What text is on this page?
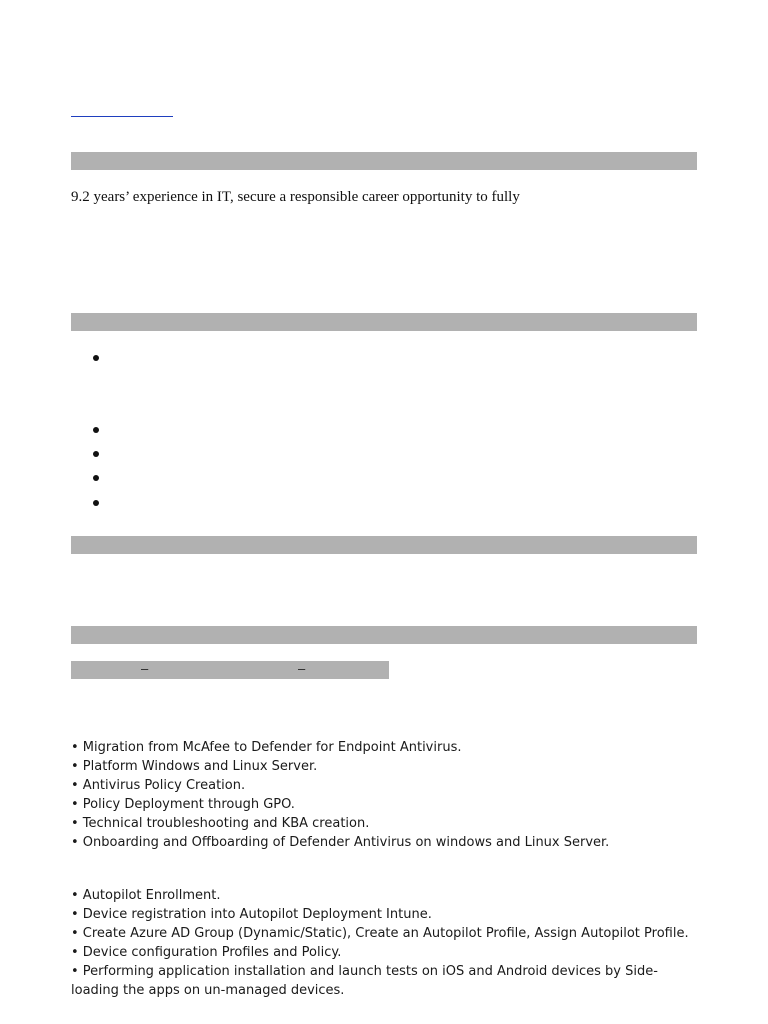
9.2 years’ experience in IT, secure a responsible career opportunity to fully
–	–
• Migration from McAfee to Defender for Endpoint Antivirus.
• Platform Windows and Linux Server.
• Antivirus Policy Creation.
• Policy Deployment through GPO.
• Technical troubleshooting and KBA creation.
• Onboarding and Offboarding of Defender Antivirus on windows and Linux Server.
• Autopilot Enrollment.
• Device registration into Autopilot Deployment Intune.
• Create Azure AD Group (Dynamic/Static), Create an Autopilot Profile, Assign Autopilot Profile.
• Device configuration Profiles and Policy.
• Performing application installation and launch tests on iOS and Android devices by Side-loading the apps on un-managed devices.
